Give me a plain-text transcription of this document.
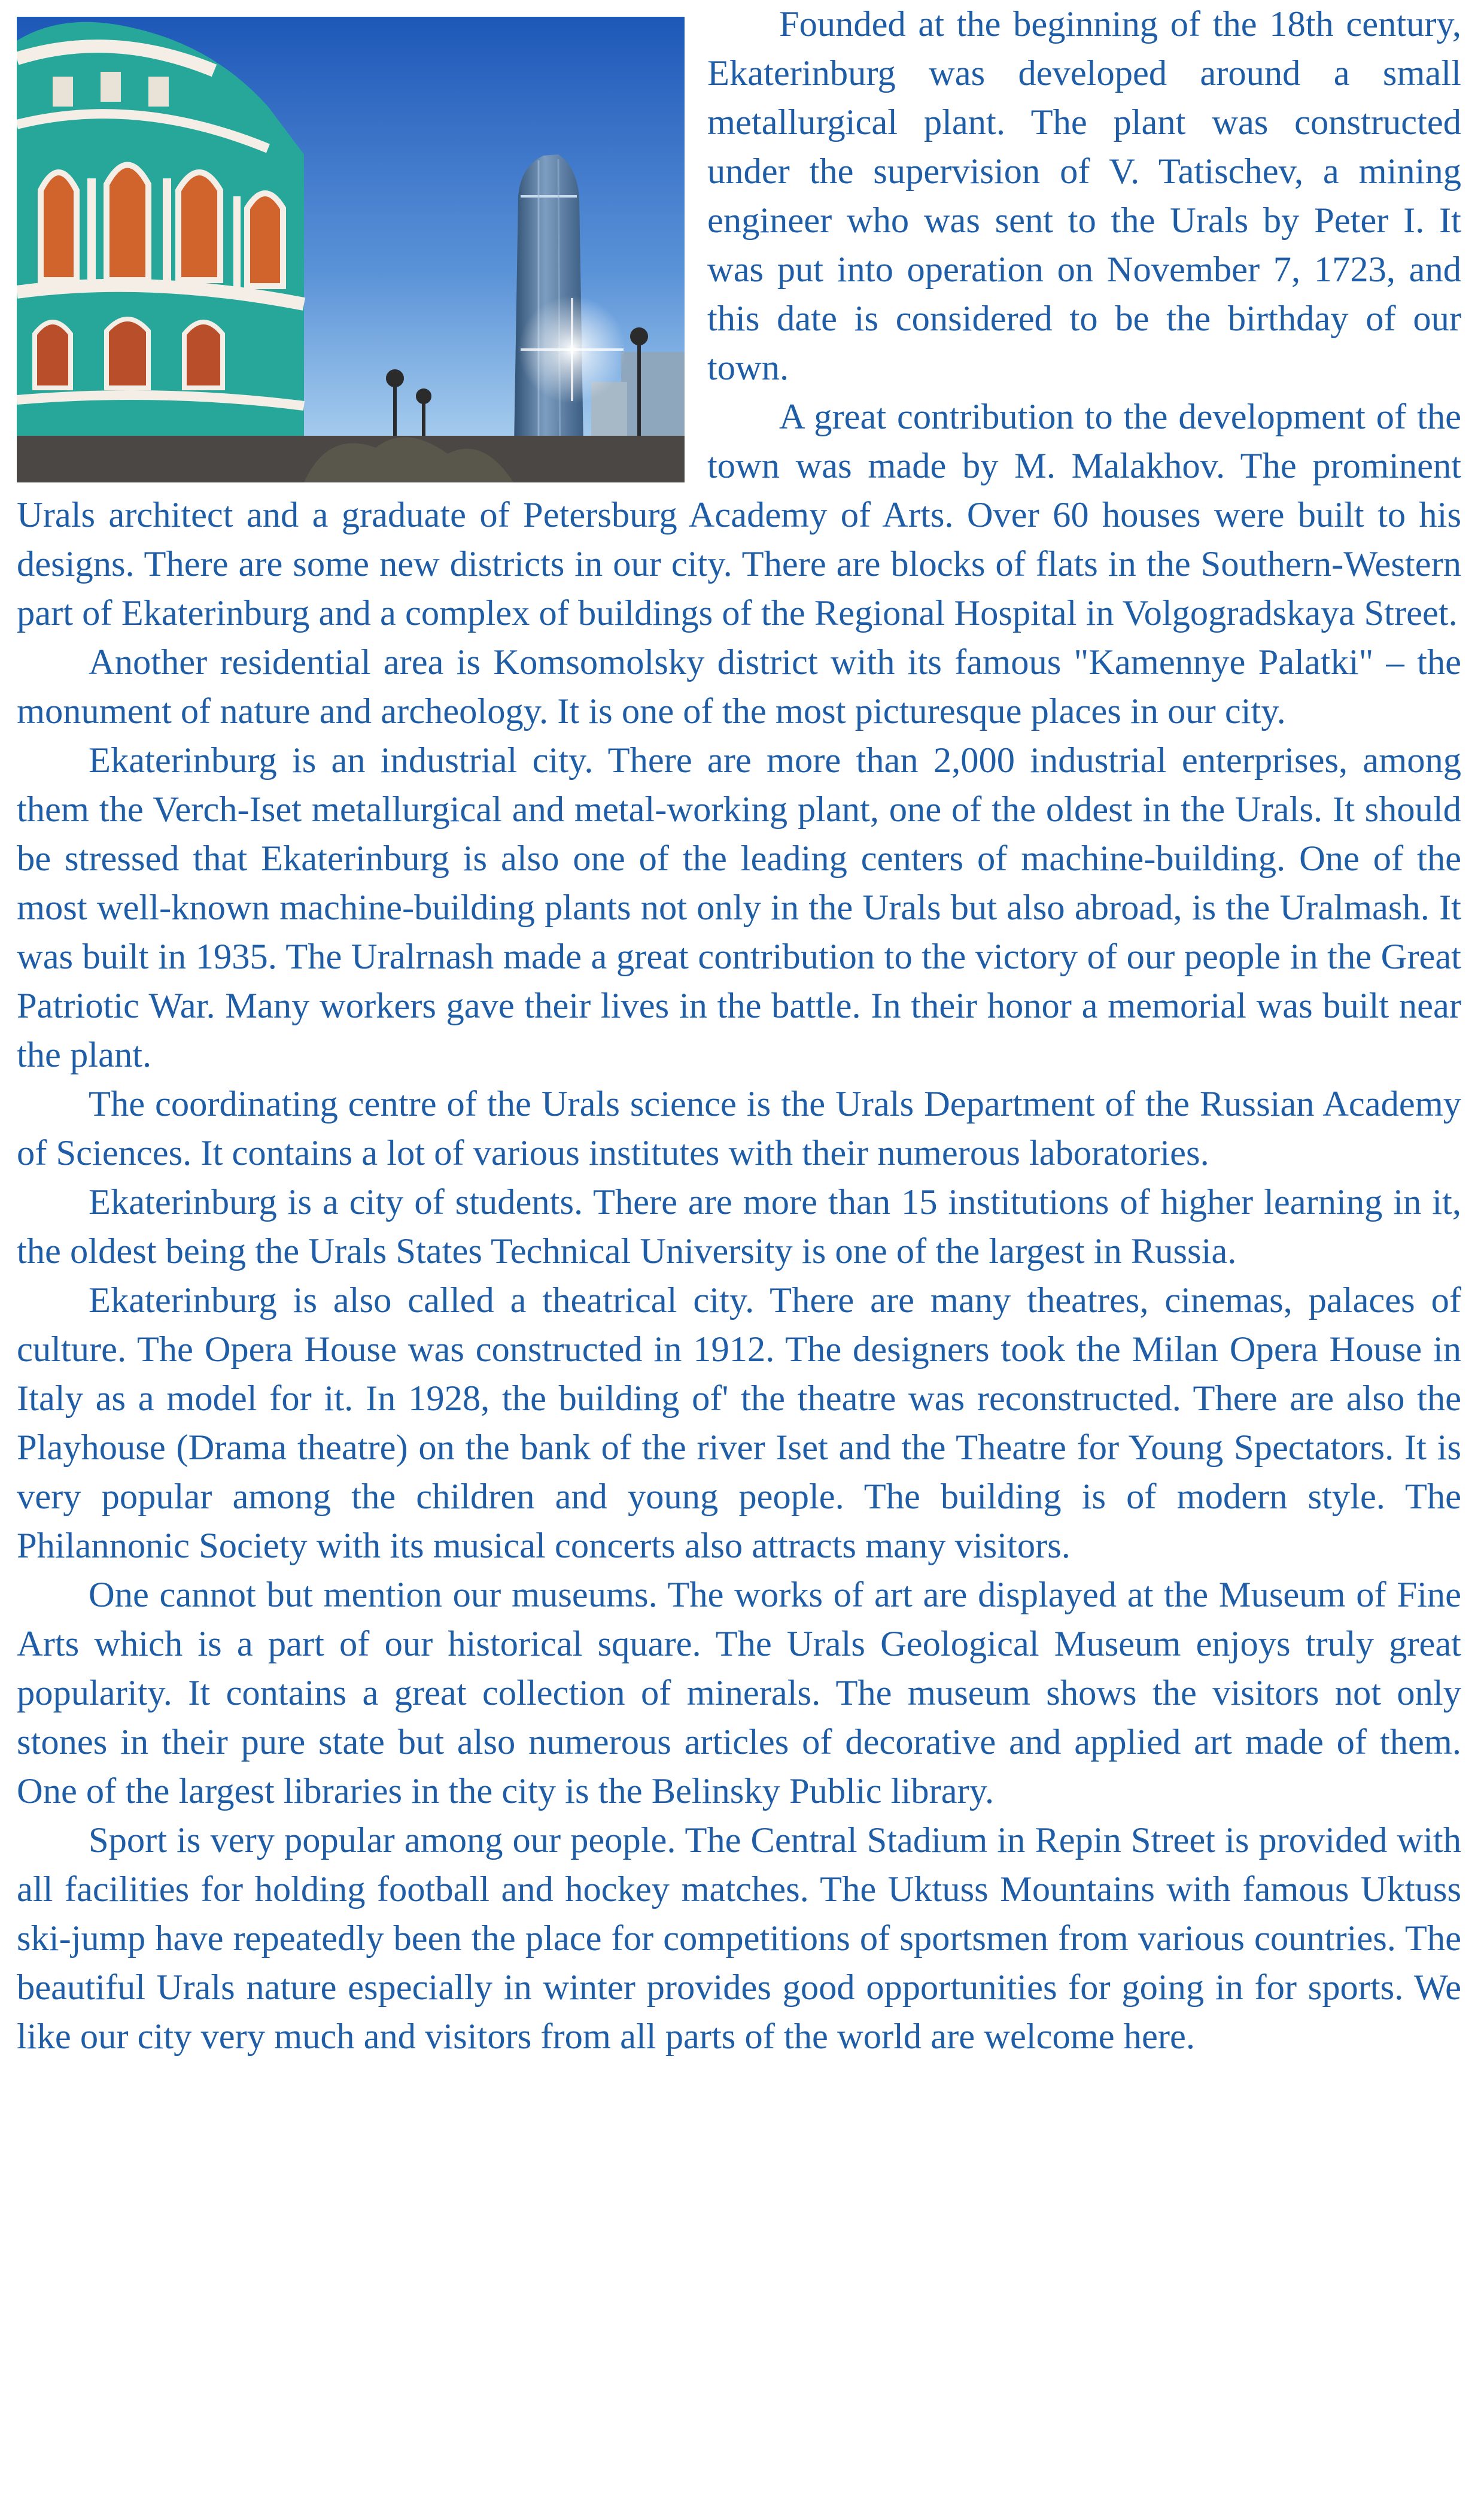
Founded at the beginning of the 18th century, Ekaterinburg was developed around a small metallurgical plant. The plant was constructed under the supervision of V. Tatischev, a mining engineer who was sent to the Urals by Peter I. It was put into operation on November 7, 1723, and this date is considered to be the birthday of our town.

A great contribution to the development of the town was made by M. Malakhov. The prominent Urals architect and a graduate of Petersburg Academy of Arts. Over 60 houses were built to his designs. There are some new districts in our city. There are blocks of flats in the Southern-Western part of Ekaterinburg and a complex of buildings of the Regional Hospital in Volgogradskaya Street.

Another residential area is Komsomolsky district with its famous "Kamennye Palatki" – the monument of nature and archeology. It is one of the most picturesque places in our city.

Ekaterinburg is an industrial city. There are more than 2,000 industrial enterprises, among them the Verch-Iset metallurgical and metal-working plant, one of the oldest in the Urals. It should be stressed that Ekaterinburg is also one of the leading centers of machine-building. One of the most well-known machine-building plants not only in the Urals but also abroad, is the Uralmash. It was built in 1935. The Uralrnash made a great contribution to the victory of our people in the Great Patriotic War. Many workers gave their lives in the battle. In their honor a memorial was built near the plant.

The coordinating centre of the Urals science is the Urals Department of the Russian Academy of Sciences. It contains a lot of various institutes with their numerous laboratories.

Ekaterinburg is a city of students. There are more than 15 institutions of higher learning in it, the oldest being the Urals States Technical University is one of the largest in Russia.

Ekaterinburg is also called a theatrical city. There are many theatres, cinemas, palaces of culture. The Opera House was constructed in 1912. The designers took the Milan Opera House in Italy as a model for it. In 1928, the building of' the theatre was reconstructed. There are also the Playhouse (Drama theatre) on the bank of the river Iset and the Theatre for Young Spectators. It is very popular among the children and young people. The building is of modern style. The Philannonic Society with its musical concerts also attracts many visitors.

One cannot but mention our museums. The works of art are displayed at the Museum of Fine Arts which is a part of our historical square. The Urals Geological Museum enjoys truly great popularity. It contains a great collection of minerals. The museum shows the visitors not only stones in their pure state but also numerous articles of decorative and applied art made of them. One of the largest libraries in the city is the Belinsky Public library.

Sport is very popular among our people. The Central Stadium in Repin Street is provided with all facilities for holding football and hockey matches. The Uktuss Mountains with famous Uktuss ski-jump have repeatedly been the place for competitions of sportsmen from various countries. The beautiful Urals nature especially in winter provides good opportunities for going in for sports. We like our city very much and visitors from all parts of the world are welcome here.
